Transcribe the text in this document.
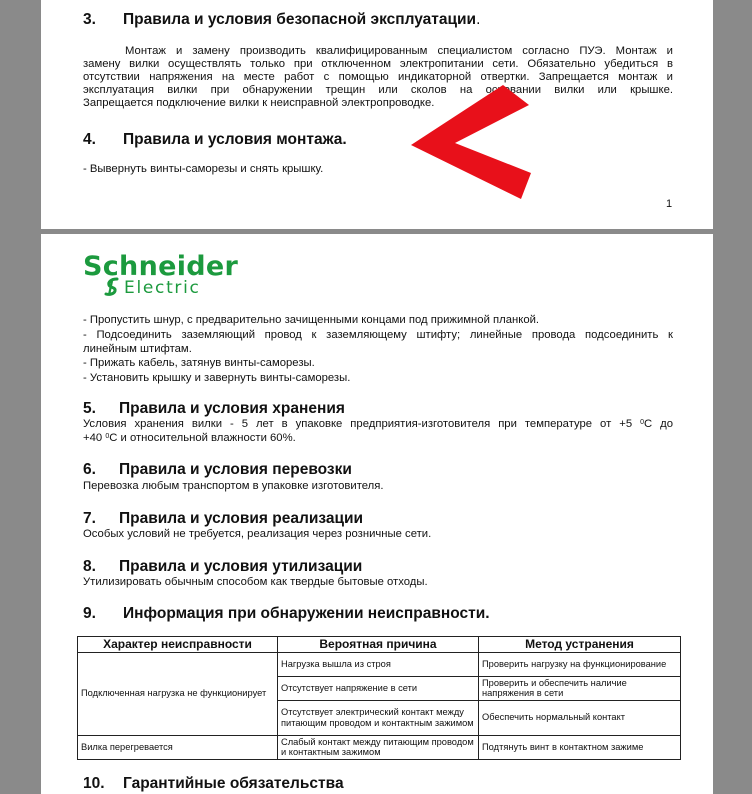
3. Правила и условия безопасной эксплуатации.
Монтаж и замену производить квалифицированным специалистом согласно ПУЭ. Монтаж и
замену вилки осуществлять только при отключенном электропитании сети. Обязательно убедиться в
отсутствии напряжения на месте работ с помощью индикаторной отвертки. Запрещается монтаж и
эксплуатация вилки при обнаружении трещин или сколов на основании вилки или крышке.
Запрещается подключение вилки к неисправной электропроводке.
4. Правила и условия монтажа.
- Вывернуть винты-саморезы и снять крышку.
1
Schneider
Electric
- Пропустить шнур, с предварительно зачищенными концами под прижимной планкой.
- Подсоединить заземляющий провод к заземляющему штифту; линейные провода подсоединить к
линейным штифтам.
- Прижать кабель, затянув винты-саморезы.
- Установить крышку и завернуть винты-саморезы.
5. Правила и условия хранения
Условия хранения вилки - 5 лет в упаковке предприятия-изготовителя при температуре от +5 $^0$С до
+40 $^0$С и относительной влажности 60%.
6. Правила и условия перевозки
Перевозка любым транспортом в упаковке изготовителя.
7. Правила и условия реализации
Особых условий не требуется, реализация через розничные сети.
8. Правила и условия утилизации
Утилизировать обычным способом как твердые бытовые отходы.
9. Информация при обнаружении неисправности.
Характер неисправности	Вероятная причина	Метод устранения
Подключенная нагрузка не функционирует	Нагрузка вышла из строя	Проверить нагрузку на функционирование
	Отсутствует напряжение в сети	Проверить и обеспечить наличие напряжения в сети
	Отсутствует электрический контакт между питающим проводом и контактным зажимом	Обеспечить нормальный контакт
Вилка перегревается	Слабый контакт между питающим проводом и контактным зажимом	Подтянуть винт в контактном зажиме
10. Гарантийные обязательства
